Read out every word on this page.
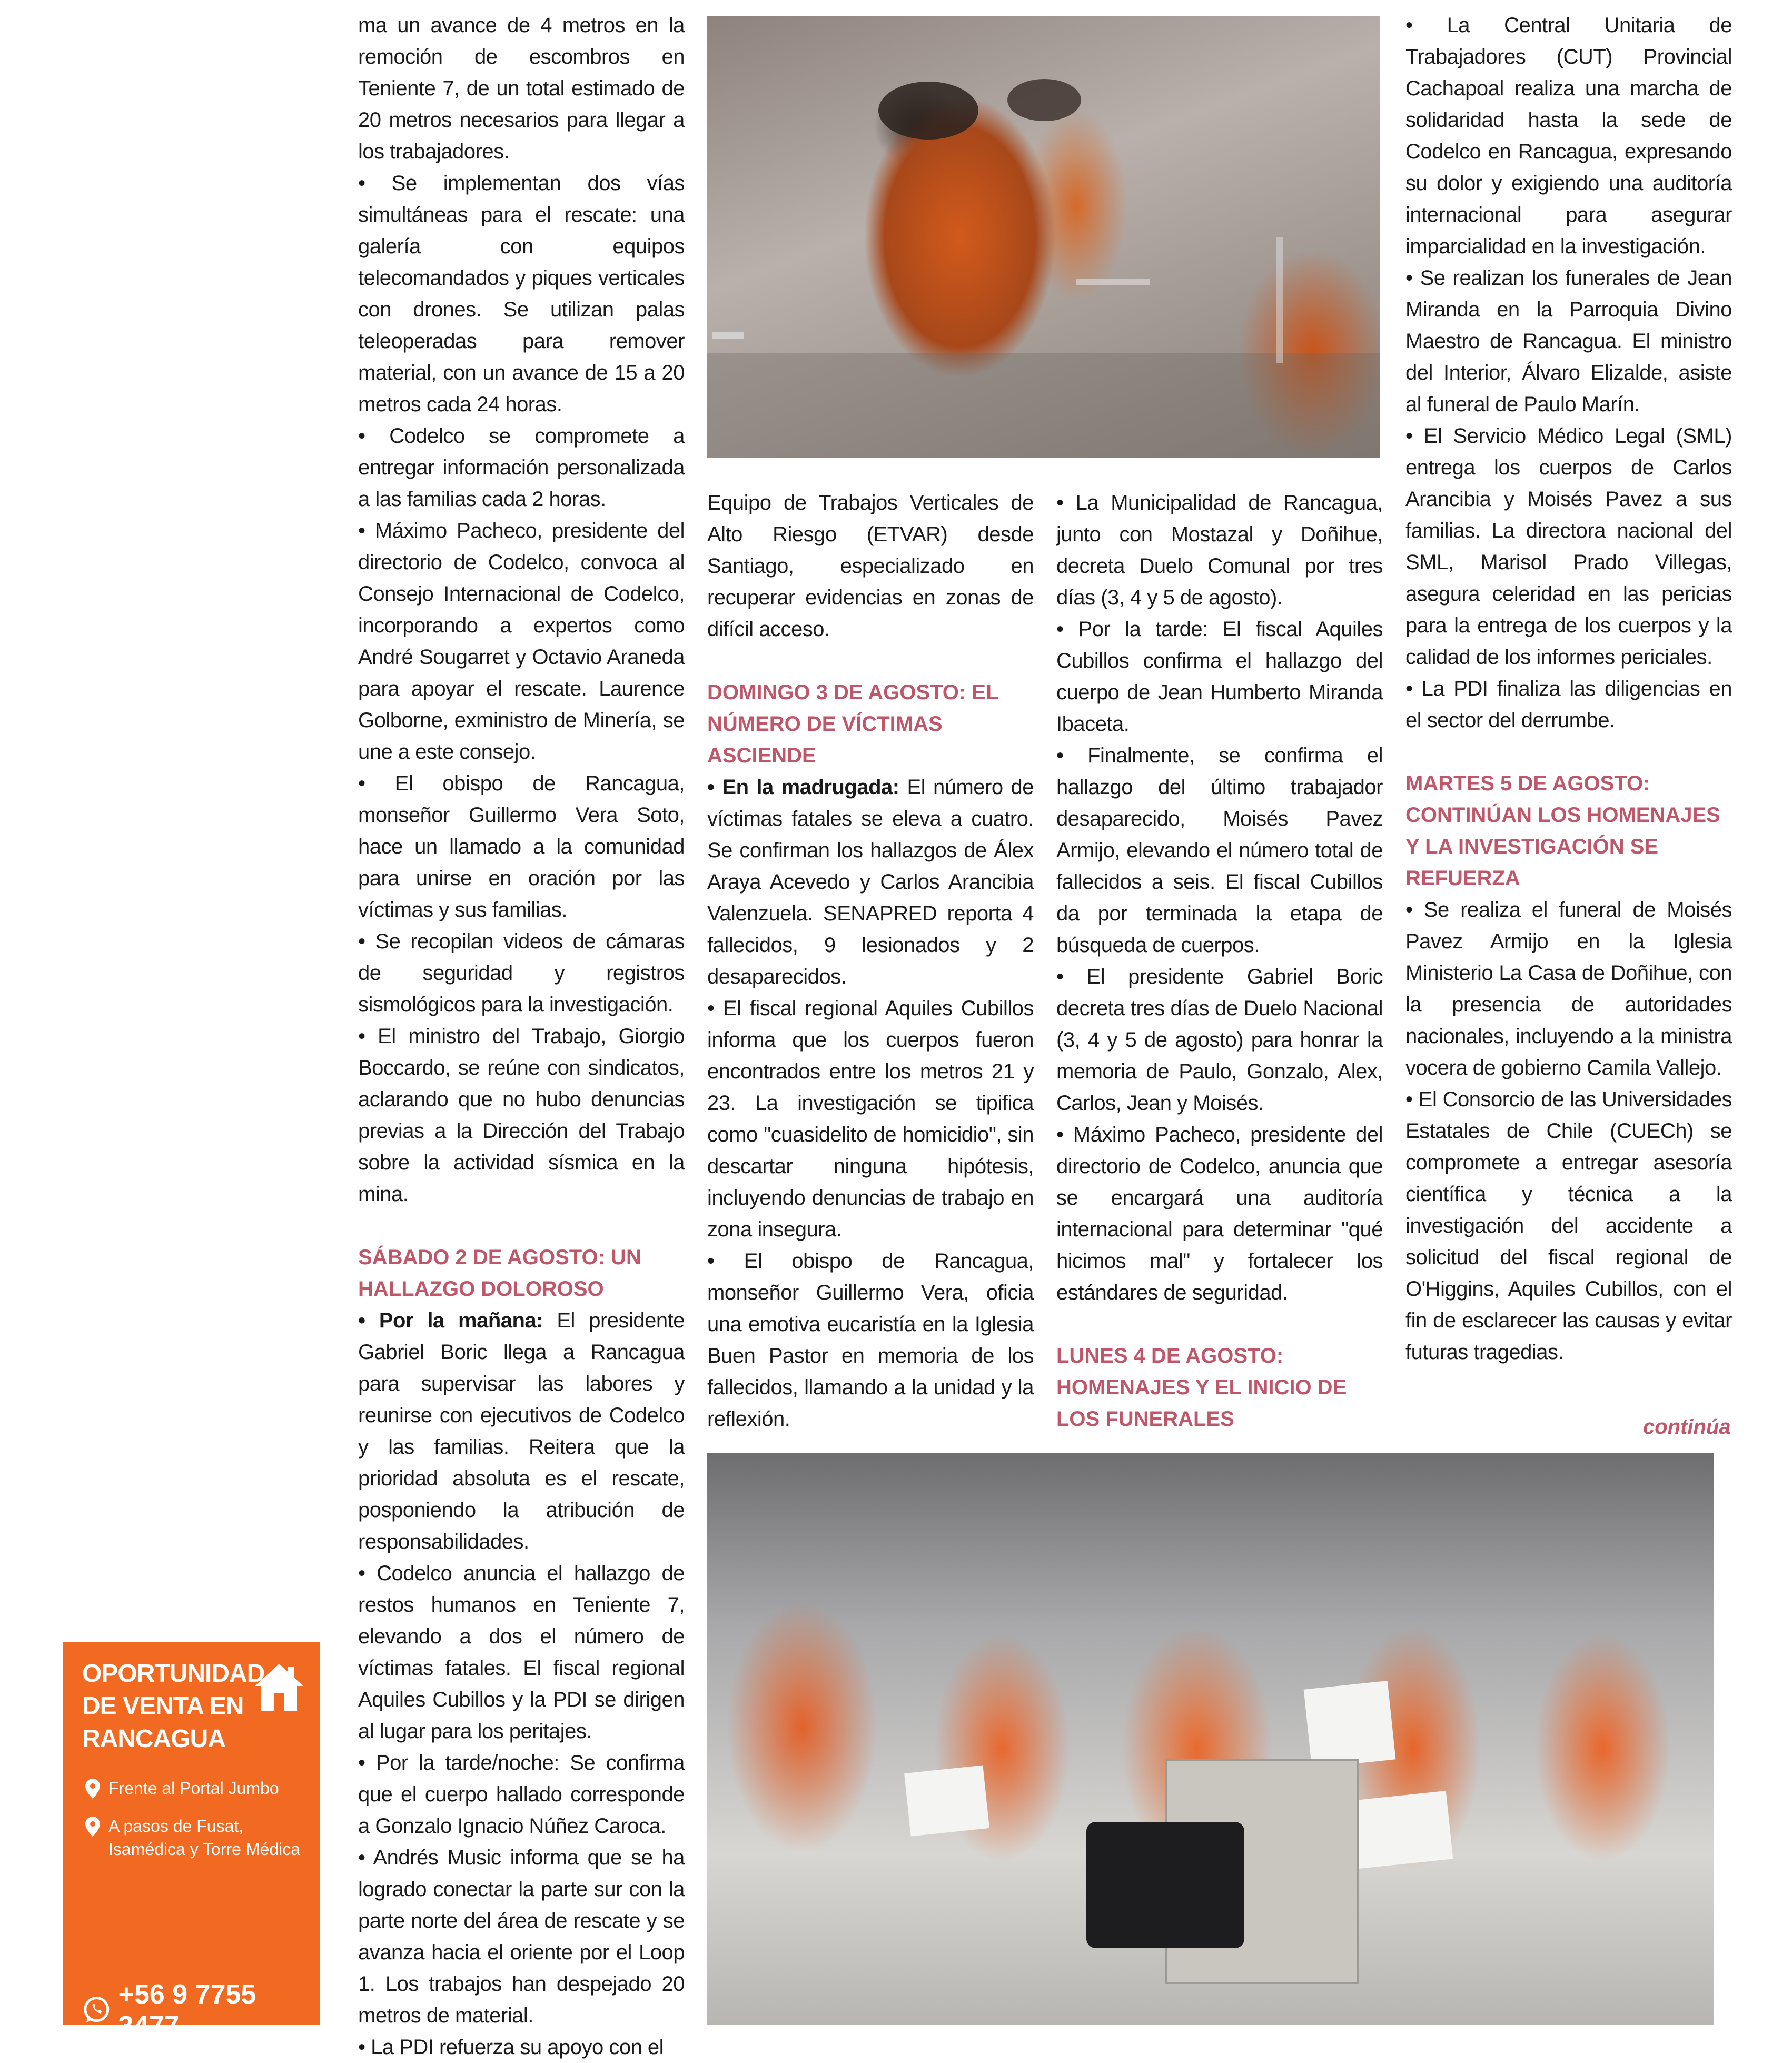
ma un avance de 4 metros en la remoción de escombros en Teniente 7, de un total estimado de 20 metros necesarios para llegar a los trabajadores.

• Se implementan dos vías simultáneas para el rescate: una galería con equipos telecomandados y piques verticales con drones. Se utilizan palas teleoperadas para remover material, con un avance de 15 a 20 metros cada 24 horas.

• Codelco se compromete a entregar información personalizada a las familias cada 2 horas.

• Máximo Pacheco, presidente del directorio de Codelco, convoca al Consejo Internacional de Codelco, incorporando a expertos como André Sougarret y Octavio Araneda para apoyar el rescate. Laurence Golborne, exministro de Minería, se une a este consejo.

• El obispo de Rancagua, monseñor Guillermo Vera Soto, hace un llamado a la comunidad para unirse en oración por las víctimas y sus familias.

• Se recopilan videos de cámaras de seguridad y registros sismológicos para la investigación.

• El ministro del Trabajo, Giorgio Boccardo, se reúne con sindicatos, aclarando que no hubo denuncias previas a la Dirección del Trabajo sobre la actividad sísmica en la mina.

SÁBADO 2 DE AGOSTO: UN HALLAZGO DOLOROSO

• Por la mañana: El presidente Gabriel Boric llega a Rancagua para supervisar las labores y reunirse con ejecutivos de Codelco y las familias. Reitera que la prioridad absoluta es el rescate, posponiendo la atribución de responsabilidades.

• Codelco anuncia el hallazgo de restos humanos en Teniente 7, elevando a dos el número de víctimas fatales. El fiscal regional Aquiles Cubillos y la PDI se dirigen al lugar para los peritajes.

• Por la tarde/noche: Se confirma que el cuerpo hallado corresponde a Gonzalo Ignacio Núñez Caroca.

• Andrés Music informa que se ha logrado conectar la parte sur con la parte norte del área de rescate y se avanza hacia el oriente por el Loop 1. Los trabajos han despejado 20 metros de material.

• La PDI refuerza su apoyo con el

Equipo de Trabajos Verticales de Alto Riesgo (ETVAR) desde Santiago, especializado en recuperar evidencias en zonas de difícil acceso.

DOMINGO 3 DE AGOSTO: EL NÚMERO DE VÍCTIMAS ASCIENDE

• En la madrugada: El número de víctimas fatales se eleva a cuatro. Se confirman los hallazgos de Álex Araya Acevedo y Carlos Arancibia Valenzuela. SENAPRED reporta 4 fallecidos, 9 lesionados y 2 desaparecidos.

• El fiscal regional Aquiles Cubillos informa que los cuerpos fueron encontrados entre los metros 21 y 23. La investigación se tipifica como "cuasidelito de homicidio", sin descartar ninguna hipótesis, incluyendo denuncias de trabajo en zona insegura.

• El obispo de Rancagua, monseñor Guillermo Vera, oficia una emotiva eucaristía en la Iglesia Buen Pastor en memoria de los fallecidos, llamando a la unidad y la reflexión.

• La Municipalidad de Rancagua, junto con Mostazal y Doñihue, decreta Duelo Comunal por tres días (3, 4 y 5 de agosto).

• Por la tarde: El fiscal Aquiles Cubillos confirma el hallazgo del cuerpo de Jean Humberto Miranda Ibaceta.

• Finalmente, se confirma el hallazgo del último trabajador desaparecido, Moisés Pavez Armijo, elevando el número total de fallecidos a seis. El fiscal Cubillos da por terminada la etapa de búsqueda de cuerpos.

• El presidente Gabriel Boric decreta tres días de Duelo Nacional (3, 4 y 5 de agosto) para honrar la memoria de Paulo, Gonzalo, Alex, Carlos, Jean y Moisés.

• Máximo Pacheco, presidente del directorio de Codelco, anuncia que se encargará una auditoría internacional para determinar "qué hicimos mal" y fortalecer los estándares de seguridad.

LUNES 4 DE AGOSTO: HOMENAJES Y EL INICIO DE LOS FUNERALES

• La Central Unitaria de Trabajadores (CUT) Provincial Cachapoal realiza una marcha de solidaridad hasta la sede de Codelco en Rancagua, expresando su dolor y exigiendo una auditoría internacional para asegurar imparcialidad en la investigación.

• Se realizan los funerales de Jean Miranda en la Parroquia Divino Maestro de Rancagua. El ministro del Interior, Álvaro Elizalde, asiste al funeral de Paulo Marín.

• El Servicio Médico Legal (SML) entrega los cuerpos de Carlos Arancibia y Moisés Pavez a sus familias. La directora nacional del SML, Marisol Prado Villegas, asegura celeridad en las pericias para la entrega de los cuerpos y la calidad de los informes periciales.

• La PDI finaliza las diligencias en el sector del derrumbe.

MARTES 5 DE AGOSTO: CONTINÚAN LOS HOMENAJES Y LA INVESTIGACIÓN SE REFUERZA

• Se realiza el funeral de Moisés Pavez Armijo en la Iglesia Ministerio La Casa de Doñihue, con la presencia de autoridades nacionales, incluyendo a la ministra vocera de gobierno Camila Vallejo.

• El Consorcio de las Universidades Estatales de Chile (CUECh) se compromete a entregar asesoría científica y técnica a la investigación del accidente a solicitud del fiscal regional de O'Higgins, Aquiles Cubillos, con el fin de esclarecer las causas y evitar futuras tragedias.

continúa
OPORTUNIDAD DE VENTA EN RANCAGUA
Frente al Portal Jumbo
A pasos de Fusat, Isamédica y Torre Médica
+56 9 7755 3477
